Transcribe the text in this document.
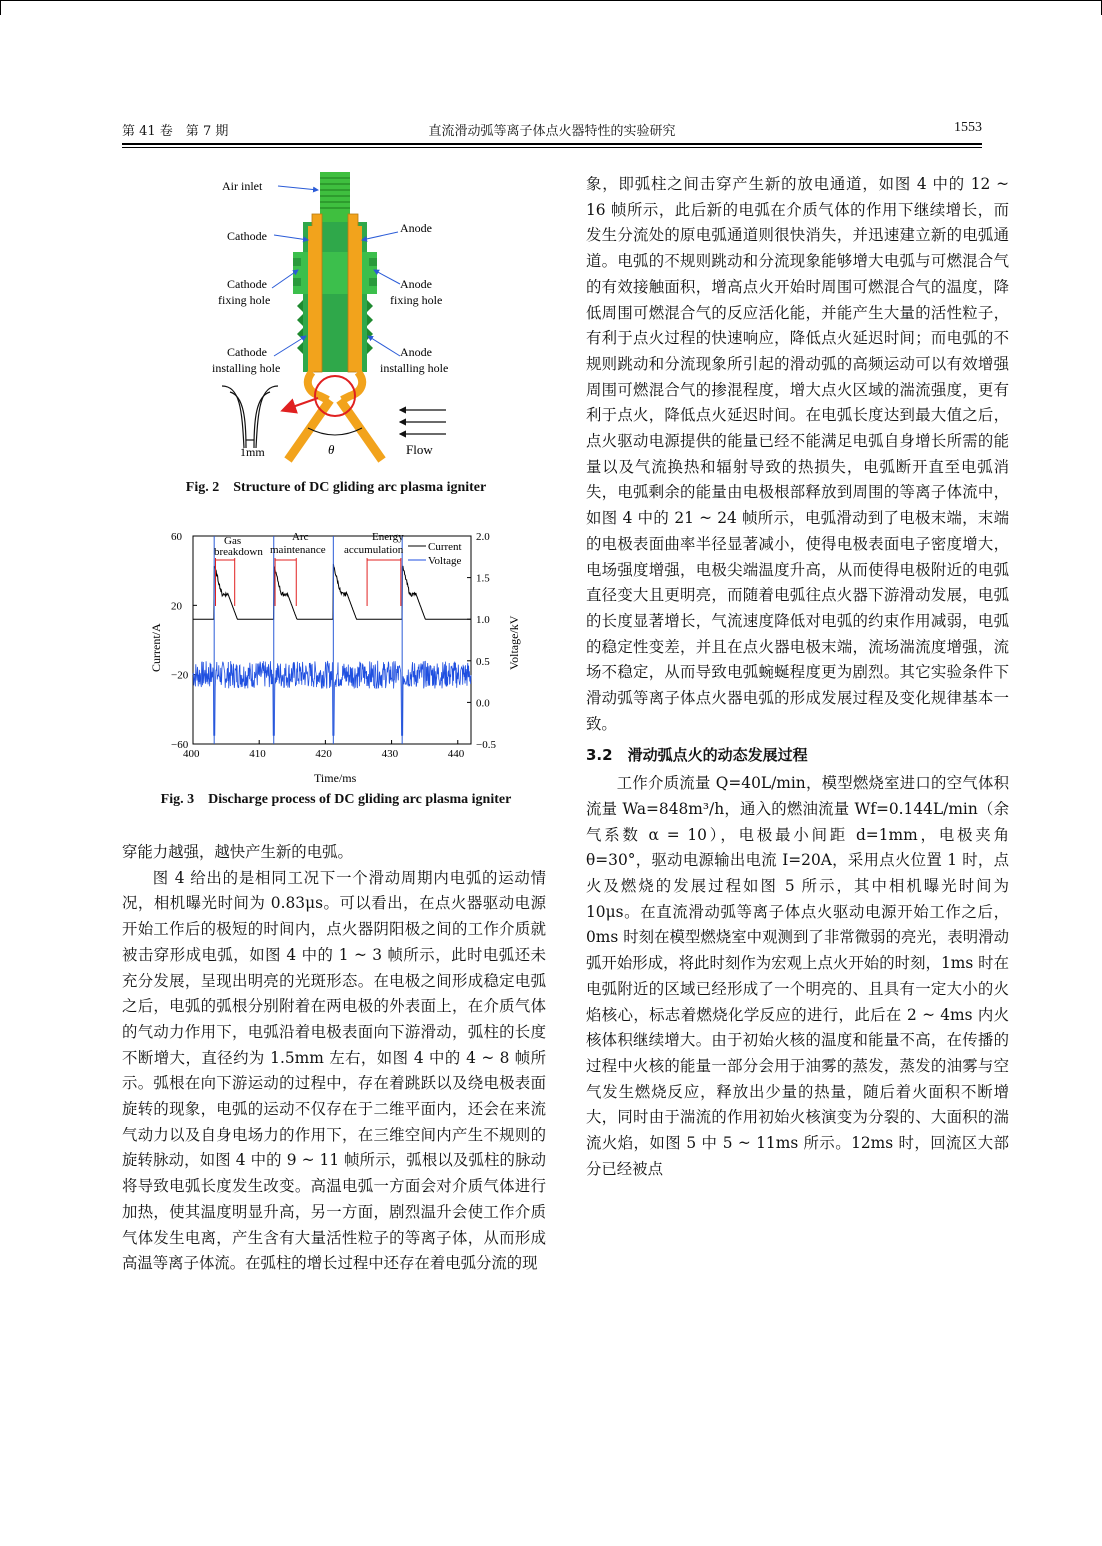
第 41 卷　第 7 期	直流滑动弧等离子体点火器特性的实验研究	1553
θ
1mm	Flow
Air inlet
Cathode
Anode
Cathode
fixing hole
Anode
fixing hole
Cathode
installing hole
Anode
installing hole
Fig. 2　Structure of DC gliding arc plasma igniter
400	410	420	430	440
60
20
−20
−60
2.0
1.5
1.0
0.5
0.0
−0.5
Gas
breakdown
Arc
maintenance
Energy
accumulation Current
Voltage
Time/ms
Current/A	Voltage/kV
Fig. 3　Discharge process of DC gliding arc plasma igniter

穿能力越强，越快产生新的电弧。

图 4 给出的是相同工况下一个滑动周期内电弧的运动情况，相机曝光时间为 0.83μs。可以看出，在点火器驱动电源开始工作后的极短的时间内，点火器阴阳极之间的工作介质就被击穿形成电弧，如图 4 中的 1 ~ 3 帧所示，此时电弧还未充分发展，呈现出明亮的光斑形态。在电极之间形成稳定电弧之后，电弧的弧根分别附着在两电极的外表面上，在介质气体的气动力作用下，电弧沿着电极表面向下游滑动，弧柱的长度不断增大，直径约为 1.5mm 左右，如图 4 中的 4 ~ 8 帧所示。弧根在向下游运动的过程中，存在着跳跃以及绕电极表面旋转的现象，电弧的运动不仅存在于二维平面内，还会在来流气动力以及自身电场力的作用下，在三维空间内产生不规则的旋转脉动，如图 4 中的 9 ~ 11 帧所示，弧根以及弧柱的脉动将导致电弧长度发生改变。高温电弧一方面会对介质气体进行加热，使其温度明显升高，另一方面，剧烈温升会使工作介质气体发生电离，产生含有大量活性粒子的等离子体，从而形成高温等离子体流。在弧柱的增长过程中还存在着电弧分流的现

象，即弧柱之间击穿产生新的放电通道，如图 4 中的 12 ~ 16 帧所示，此后新的电弧在介质气体的作用下继续增长，而发生分流处的原电弧通道则很快消失，并迅速建立新的电弧通道。电弧的不规则跳动和分流现象能够增大电弧与可燃混合气的有效接触面积，增高点火开始时周围可燃混合气的温度，降低周围可燃混合气的反应活化能，并能产生大量的活性粒子，有利于点火过程的快速响应，降低点火延迟时间；而电弧的不规则跳动和分流现象所引起的滑动弧的高频运动可以有效增强周围可燃混合气的掺混程度，增大点火区域的湍流强度，更有利于点火，降低点火延迟时间。在电弧长度达到最大值之后，点火驱动电源提供的能量已经不能满足电弧自身增长所需的能量以及气流换热和辐射导致的热损失，电弧断开直至电弧消失，电弧剩余的能量由电极根部释放到周围的等离子体流中，如图 4 中的 21 ~ 24 帧所示，电弧滑动到了电极末端，末端的电极表面曲率半径显著减小，使得电极表面电子密度增大，电场强度增强，电极尖端温度升高，从而使得电极附近的电弧直径变大且更明亮，而随着电弧往点火器下游滑动发展，电弧的长度显著增长，气流速度降低对电弧的约束作用减弱，电弧的稳定性变差，并且在点火器电极末端，流场湍流度增强，流场不稳定，从而导致电弧蜿蜒程度更为剧烈。其它实验条件下滑动弧等离子体点火器电弧的形成发展过程及变化规律基本一致。

3.2　滑动弧点火的动态发展过程

工作介质流量 Q=40L/min，模型燃烧室进口的空气体积流量 Wa=848m³/h，通入的燃油流量 Wf=0.144L/min（余气系数 α = 10），电极最小间距 d=1mm，电极夹角 θ=30°，驱动电源输出电流 I=20A，采用点火位置 1 时，点火及燃烧的发展过程如图 5 所示，其中相机曝光时间为 10μs。在直流滑动弧等离子体点火驱动电源开始工作之后，0ms 时刻在模型燃烧室中观测到了非常微弱的亮光，表明滑动弧开始形成，将此时刻作为宏观上点火开始的时刻，1ms 时在电弧附近的区域已经形成了一个明亮的、且具有一定大小的火焰核心，标志着燃烧化学反应的进行，此后在 2 ~ 4ms 内火核体积继续增大。由于初始火核的温度和能量不高，在传播的过程中火核的能量一部分会用于油雾的蒸发，蒸发的油雾与空气发生燃烧反应，释放出少量的热量，随后着火面积不断增大，同时由于湍流的作用初始火核演变为分裂的、大面积的湍流火焰，如图 5 中 5 ~ 11ms 所示。12ms 时，回流区大部分已经被点
